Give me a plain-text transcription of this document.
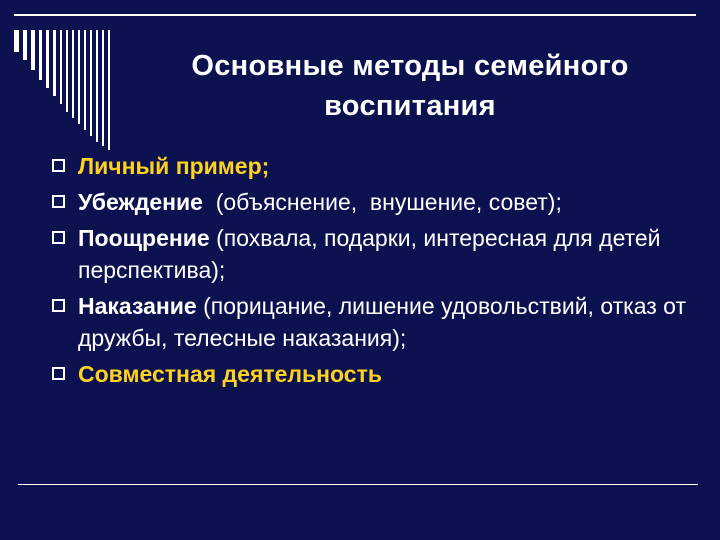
Основные методы семейного
воспитания
Личный пример;
Убеждение  (объяснение,  внушение, совет);
Поощрение (похвала, подарки, интересная для детей перспектива);
Наказание (порицание, лишение удовольствий, отказ от дружбы, телесные наказания);
Совместная деятельность
